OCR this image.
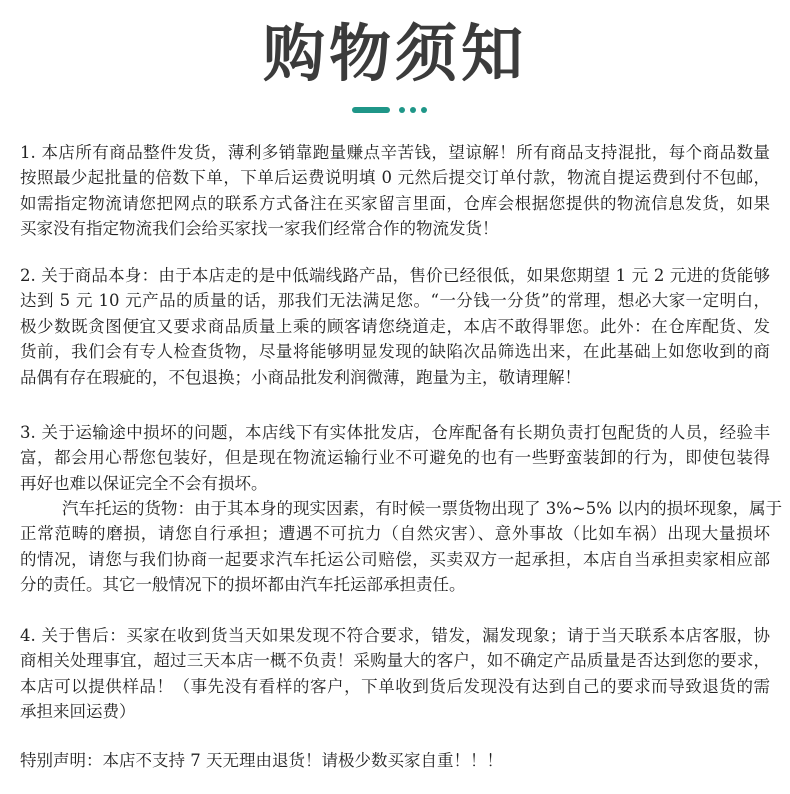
购物须知
1. 本店所有商品整件发货，薄利多销靠跑量赚点辛苦钱，望谅解！所有商品支持混批，每个商品数量
按照最少起批量的倍数下单，下单后运费说明填 0 元然后提交订单付款，物流自提运费到付不包邮，
如需指定物流请您把网点的联系方式备注在买家留言里面，仓库会根据您提供的物流信息发货，如果
买家没有指定物流我们会给买家找一家我们经常合作的物流发货！
2. 关于商品本身：由于本店走的是中低端线路产品，售价已经很低，如果您期望 1 元 2 元进的货能够
达到 5 元 10 元产品的质量的话，那我们无法满足您。“一分钱一分货”的常理，想必大家一定明白，
极少数既贪图便宜又要求商品质量上乘的顾客请您绕道走，本店不敢得罪您。此外：在仓库配货、发
货前，我们会有专人检查货物，尽量将能够明显发现的缺陷次品筛选出来，在此基础上如您收到的商
品偶有存在瑕疵的，不包退换；小商品批发利润微薄，跑量为主，敬请理解！
3. 关于运输途中损坏的问题，本店线下有实体批发店，仓库配备有长期负责打包配货的人员，经验丰
富，都会用心帮您包装好，但是现在物流运输行业不可避免的也有一些野蛮装卸的行为，即使包装得
再好也难以保证完全不会有损坏。
汽车托运的货物：由于其本身的现实因素，有时候一票货物出现了 3%~5% 以内的损坏现象，属于
正常范畴的磨损，请您自行承担；遭遇不可抗力（自然灾害）、意外事故（比如车祸）出现大量损坏
的情况，请您与我们协商一起要求汽车托运公司赔偿，买卖双方一起承担，本店自当承担卖家相应部
分的责任。其它一般情况下的损坏都由汽车托运部承担责任。
4. 关于售后：买家在收到货当天如果发现不符合要求，错发，漏发现象；请于当天联系本店客服，协
商相关处理事宜，超过三天本店一概不负责！采购量大的客户，如不确定产品质量是否达到您的要求，
本店可以提供样品！（事先没有看样的客户，下单收到货后发现没有达到自己的要求而导致退货的需
承担来回运费）
特别声明：本店不支持 7 天无理由退货！请极少数买家自重！！！
